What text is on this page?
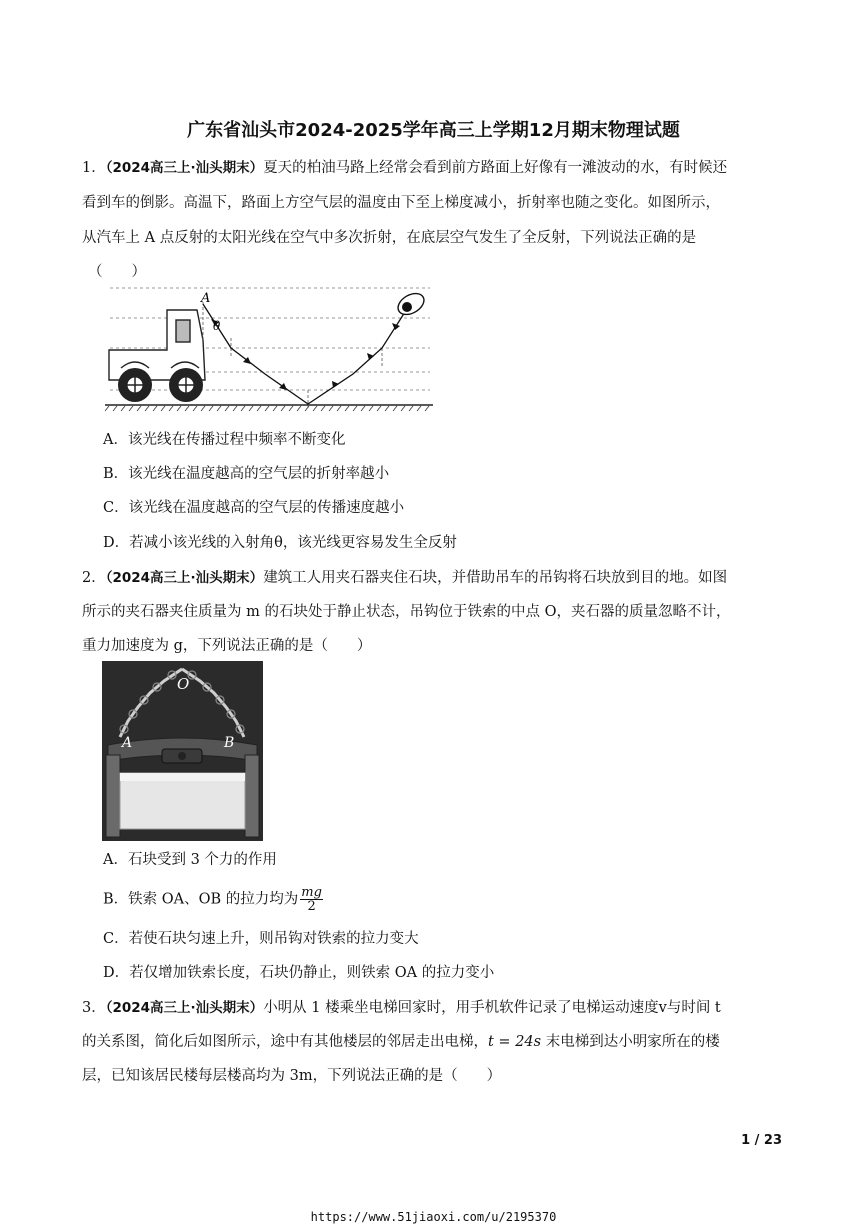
广东省汕头市2024-2025学年高三上学期12月期末物理试题
1．（2024高三上·汕头期末）夏天的柏油马路上经常会看到前方路面上好像有一滩波动的水，有时候还
看到车的倒影。高温下，路面上方空气层的温度由下至上梯度减小，折射率也随之变化。如图所示，
从汽车上 A 点反射的太阳光线在空气中多次折射，在底层空气发生了全反射，下列说法正确的是
（　　）
A
θ
A．该光线在传播过程中频率不断变化
B．该光线在温度越高的空气层的折射率越小
C．该光线在温度越高的空气层的传播速度越小
D．若减小该光线的入射角θ，该光线更容易发生全反射
2．（2024高三上·汕头期末）建筑工人用夹石器夹住石块，并借助吊车的吊钩将石块放到目的地。如图
所示的夹石器夹住质量为 m 的石块处于静止状态，吊钩位于铁索的中点 O，夹石器的质量忽略不计，
重力加速度为 g，下列说法正确的是（　　）
O
A	B
A．石块受到 3 个力的作用
B．铁索 OA、OB 的拉力均为 $\frac{mg}{2}$
C．若使石块匀速上升，则吊钩对铁索的拉力变大
D．若仅增加铁索长度，石块仍静止，则铁索 OA 的拉力变小
3．（2024高三上·汕头期末）小明从 1 楼乘坐电梯回家时，用手机软件记录了电梯运动速度v与时间 t
的关系图，简化后如图所示，途中有其他楼层的邻居走出电梯，t = 24s 末电梯到达小明家所在的楼
层，已知该居民楼每层楼高均为 3m，下列说法正确的是（　　）
1 / 23
https://www.51jiaoxi.com/u/2195370
